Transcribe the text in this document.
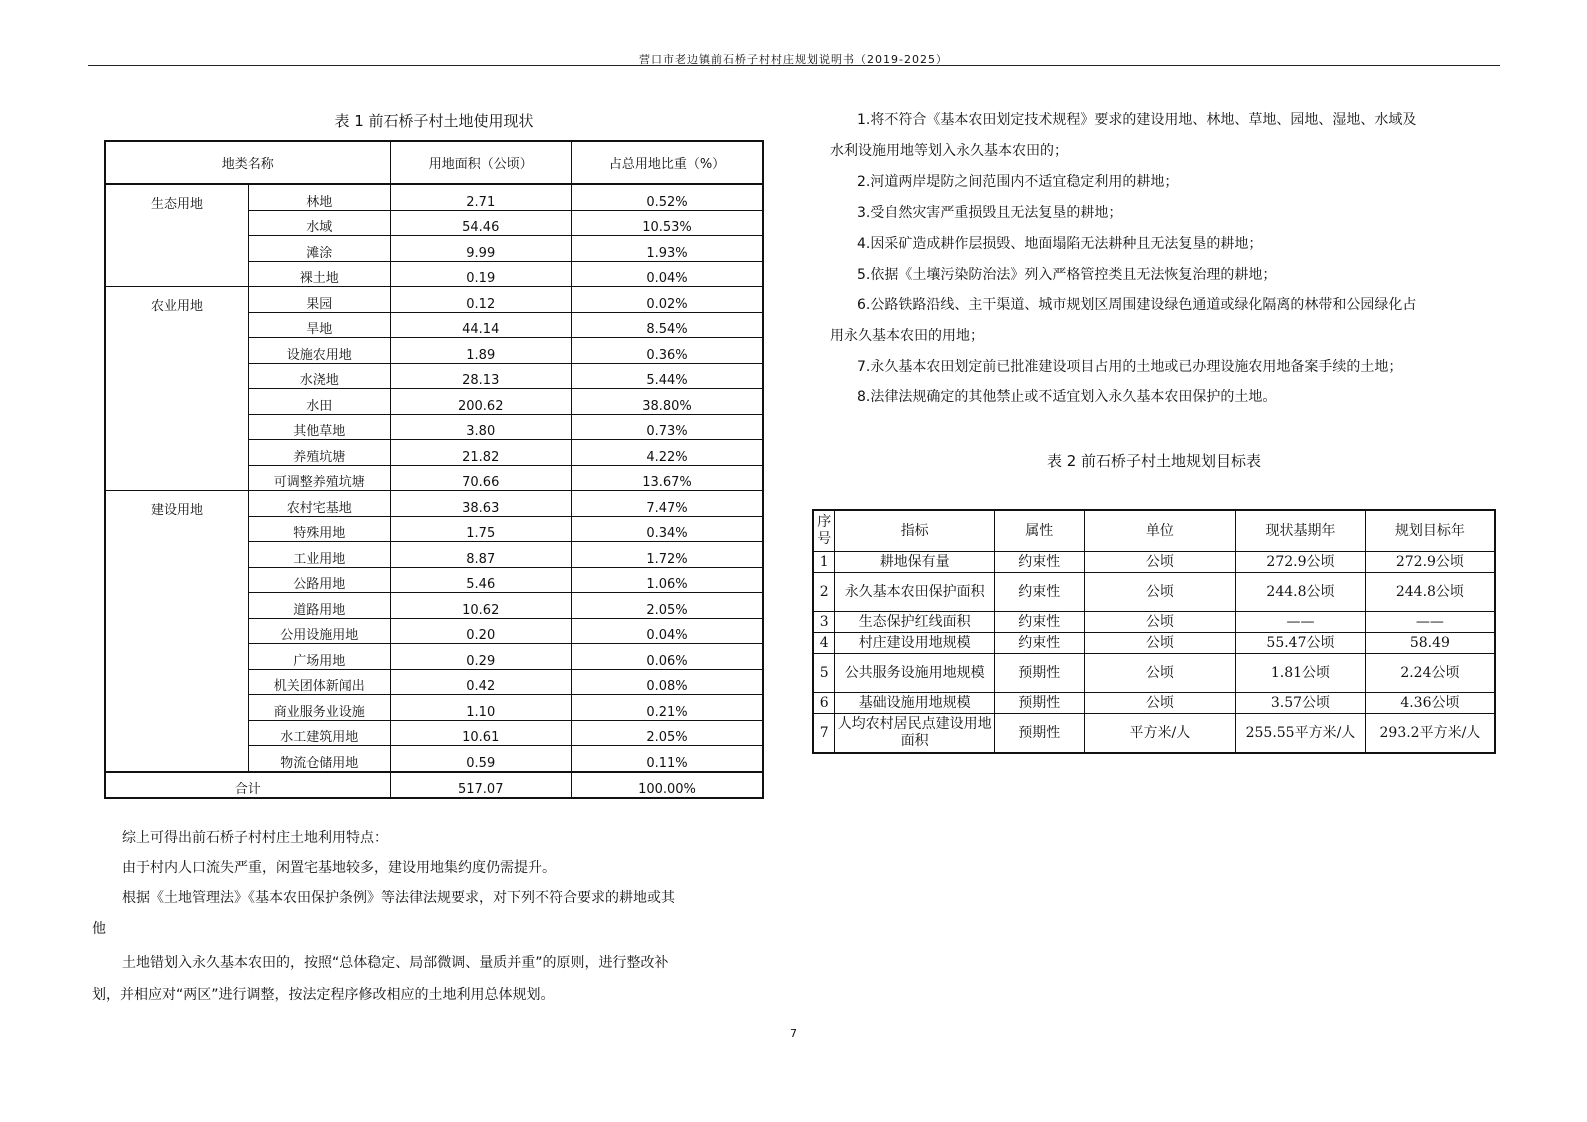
营口市老边镇前石桥子村村庄规划说明书（2019-2025）
表 1 前石桥子村土地使用现状
地类名称		用地面积（公顷）	占总用地比重（%）
生态用地	林地	2.71	0.52%
	水域	54.46	10.53%
	滩涂	9.99	1.93%
	裸土地	0.19	0.04%
农业用地	果园	0.12	0.02%
	旱地	44.14	8.54%
	设施农用地	1.89	0.36%
	水浇地	28.13	5.44%
	水田	200.62	38.80%
	其他草地	3.80	0.73%
	养殖坑塘	21.82	4.22%
	可调整养殖坑塘	70.66	13.67%
建设用地	农村宅基地	38.63	7.47%
	特殊用地	1.75	0.34%
	工业用地	8.87	1.72%
	公路用地	5.46	1.06%
	道路用地	10.62	2.05%
	公用设施用地	0.20	0.04%
	广场用地	0.29	0.06%
	机关团体新闻出	0.42	0.08%
	商业服务业设施	1.10	0.21%
	水工建筑用地	10.61	2.05%
	物流仓储用地	0.59	0.11%
合计		517.07	100.00%
1.将不符合《基本农田划定技术规程》要求的建设用地、林地、草地、园地、湿地、水域及
水利设施用地等划入永久基本农田的；
2.河道两岸堤防之间范围内不适宜稳定利用的耕地；
3.受自然灾害严重损毁且无法复垦的耕地；
4.因采矿造成耕作层损毁、地面塌陷无法耕种且无法复垦的耕地；
5.依据《土壤污染防治法》列入严格管控类且无法恢复治理的耕地；
6.公路铁路沿线、主干渠道、城市规划区周围建设绿色通道或绿化隔离的林带和公园绿化占
用永久基本农田的用地；
7.永久基本农田划定前已批准建设项目占用的土地或已办理设施农用地备案手续的土地；
8.法律法规确定的其他禁止或不适宜划入永久基本农田保护的土地。
表 2 前石桥子村土地规划目标表
序号	指标	属性	单位	现状基期年	规划目标年
1	耕地保有量	约束性	公顷	272.9公顷	272.9公顷
2	永久基本农田保护面积	约束性	公顷	244.8公顷	244.8公顷
3	生态保护红线面积	约束性	公顷	——	——
4	村庄建设用地规模	约束性	公顷	55.47公顷	58.49
5	公共服务设施用地规模	预期性	公顷	1.81公顷	2.24公顷
6	基础设施用地规模	预期性	公顷	3.57公顷	4.36公顷
7	人均农村居民点建设用地面积	预期性	平方米/人	255.55平方米/人	293.2平方米/人
综上可得出前石桥子村村庄土地利用特点：
由于村内人口流失严重，闲置宅基地较多，建设用地集约度仍需提升。
根据《土地管理法》《基本农田保护条例》等法律法规要求，对下列不符合要求的耕地或其
他
土地错划入永久基本农田的，按照“总体稳定、局部微调、量质并重”的原则，进行整改补
划，并相应对“两区”进行调整，按法定程序修改相应的土地利用总体规划。
7
